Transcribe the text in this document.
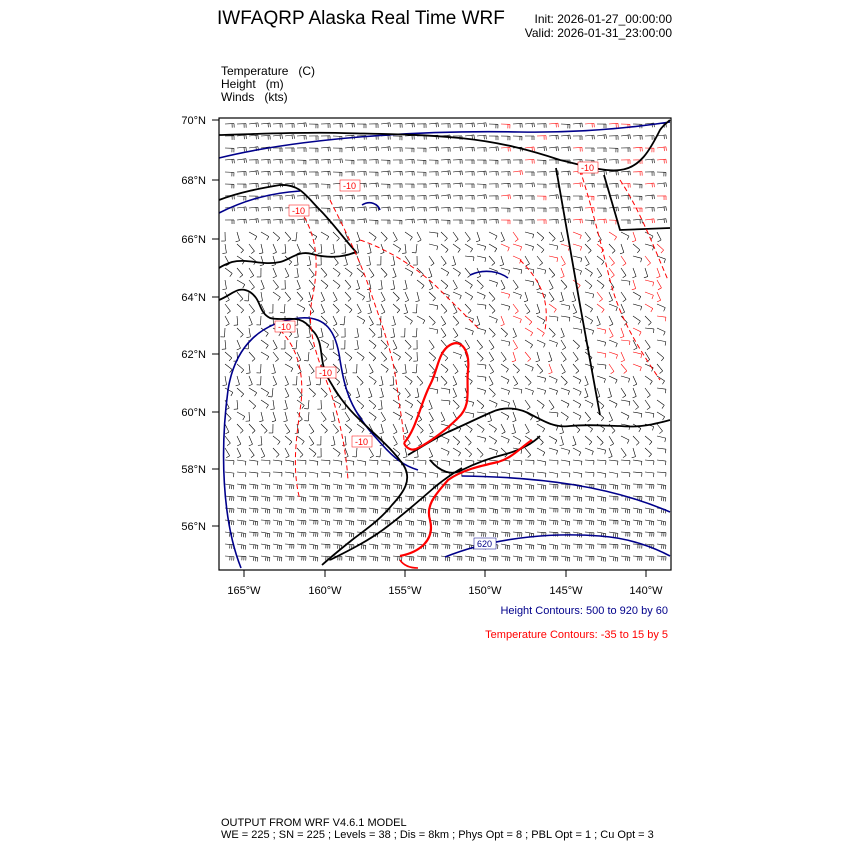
IWFAQRP Alaska Real Time WRF Init: 2026-01-27_00:00:00
Valid: 2026-01-31_23:00:00
Temperature (C)
Height (m)
Winds (kts)
620
-10
-10
-10
-10
-10
-10
70°N
68°N
66°N
64°N
62°N
60°N
58°N
56°N
165°W	160°W	155°W	150°W	145°W	140°W
Height Contours: 500 to 920 by 60
Temperature Contours: -35 to 15 by 5
OUTPUT FROM WRF V4.6.1 MODEL
WE = 225 ; SN = 225 ; Levels = 38 ; Dis = 8km ; Phys Opt = 8 ; PBL Opt = 1 ; Cu Opt = 3
